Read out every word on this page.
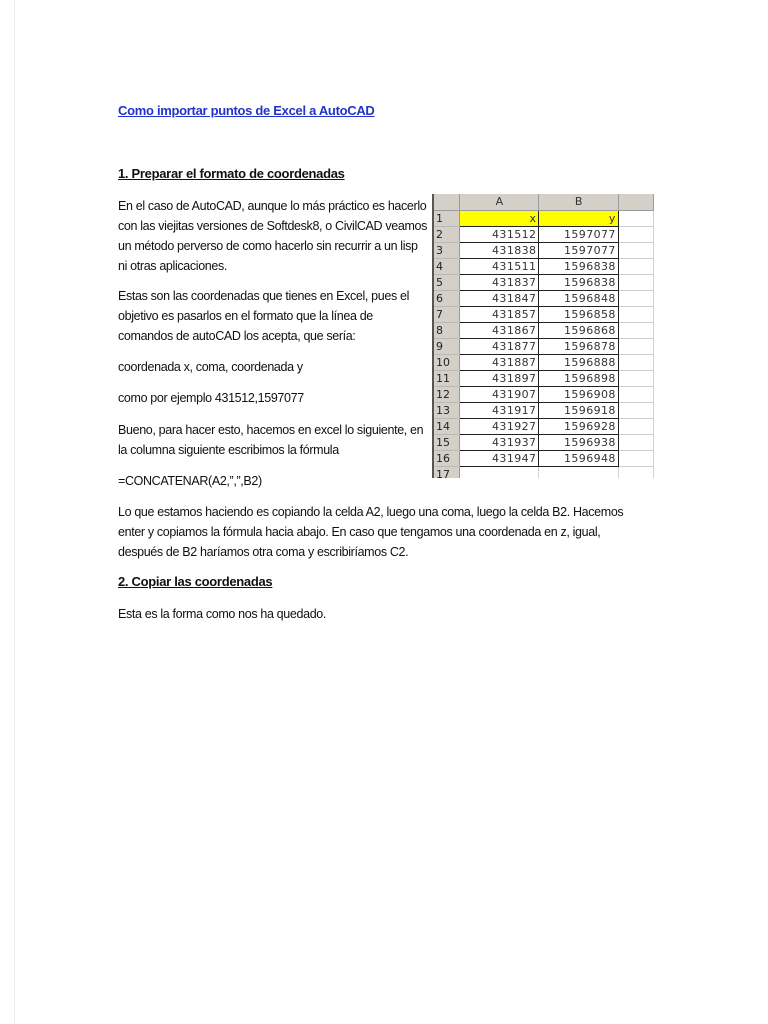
Como importar puntos de Excel a AutoCAD
1. Preparar el formato de coordenadas

En el caso de AutoCAD, aunque lo más práctico es hacerlo
con las viejitas versiones de Softdesk8, o CivilCAD veamos
un método perverso de como hacerlo sin recurrir a un lisp
ni otras aplicaciones.

Estas son las coordenadas que tienes en Excel, pues el
objetivo es pasarlos en el formato que la línea de
comandos de autoCAD los acepta, que sería:

coordenada x, coma, coordenada y

como por ejemplo 431512,1597077

Bueno, para hacer esto, hacemos en excel lo siguiente, en
la columna siguiente escribimos la fórmula

=CONCATENAR(A2,”,”,B2)

Lo que estamos haciendo es copiando la celda A2, luego una coma, luego la celda B2. Hacemos
enter y copiamos la fórmula hacia abajo. En caso que tengamos una coordenada en z, igual,
después de B2 haríamos otra coma y escribiríamos C2.

2. Copiar las coordenadas

Esta es la forma como nos ha quedado.

	A	B	
1	x	y	
2	431512	1597077	
3	431838	1597077	
4	431511	1596838	
5	431837	1596838	
6	431847	1596848	
7	431857	1596858	
8	431867	1596868	
9	431877	1596878	
10	431887	1596888	
11	431897	1596898	
12	431907	1596908	
13	431917	1596918	
14	431927	1596928	
15	431937	1596938	
16	431947	1596948	
17			
